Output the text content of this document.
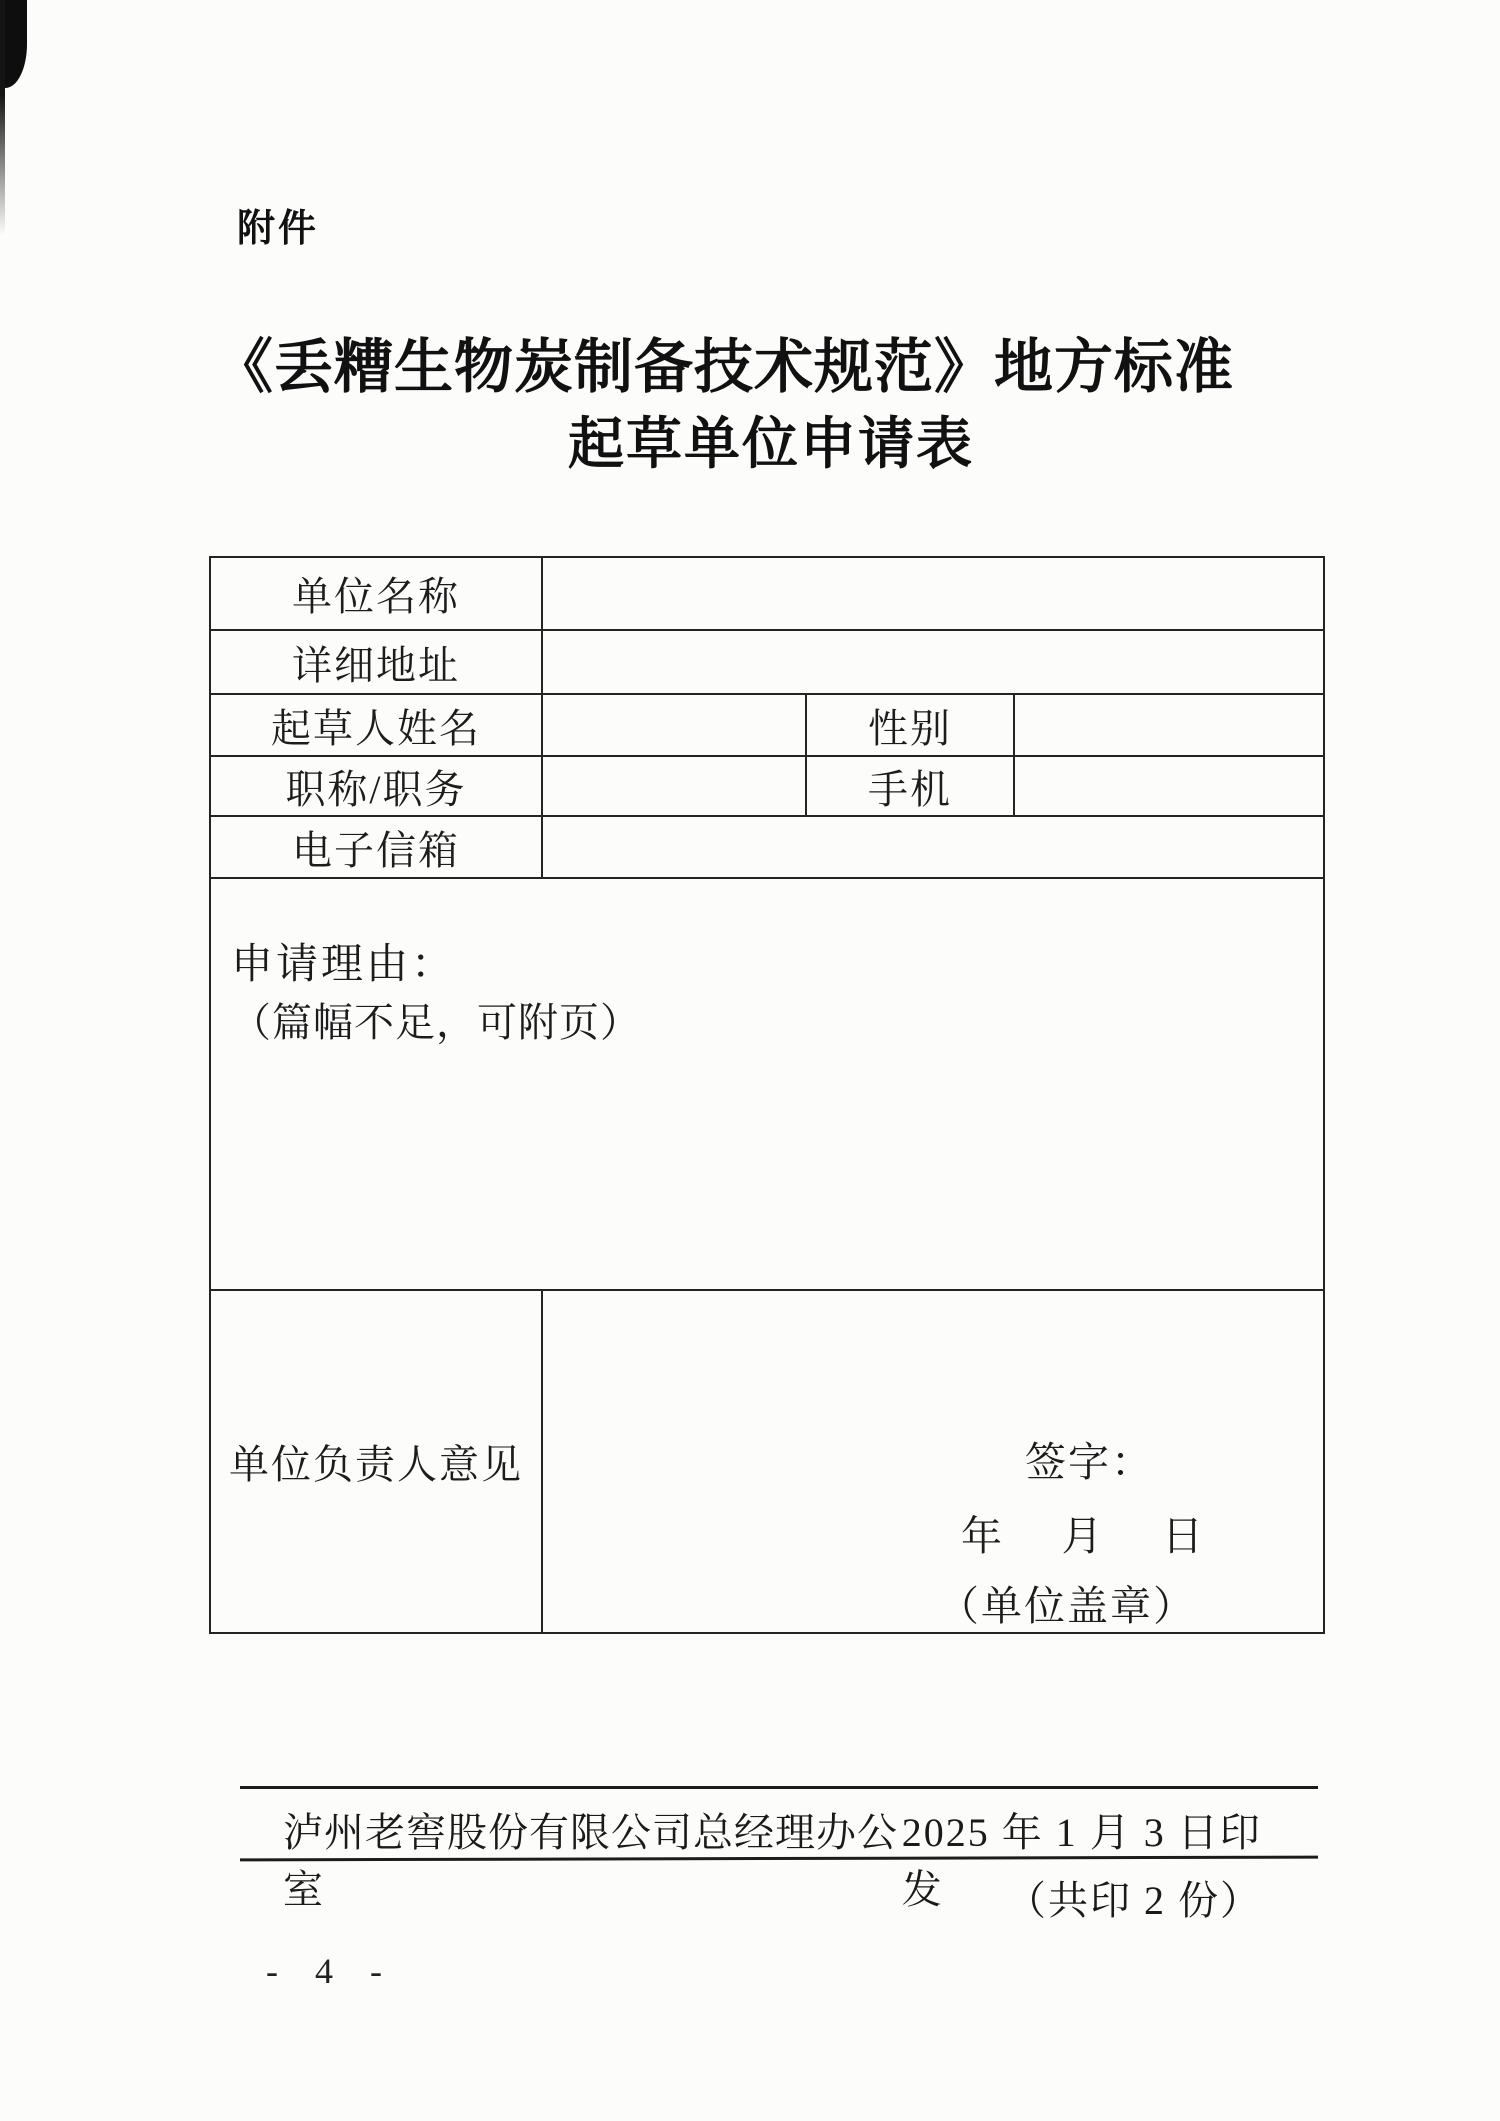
附件
《丢糟生物炭制备技术规范》地方标准
起草单位申请表
单位名称			
详细地址			
起草人姓名		性别	
职称/职务		手机	
电子信箱			

申请理由：
（篇幅不足，可附页）			

单位负责人意见	签字：
年 月 日
（单位盖章）		
泸州老窖股份有限公司总经理办公室
2025 年 1 月 3 日印发	（共印 2 份）
- 4 -
